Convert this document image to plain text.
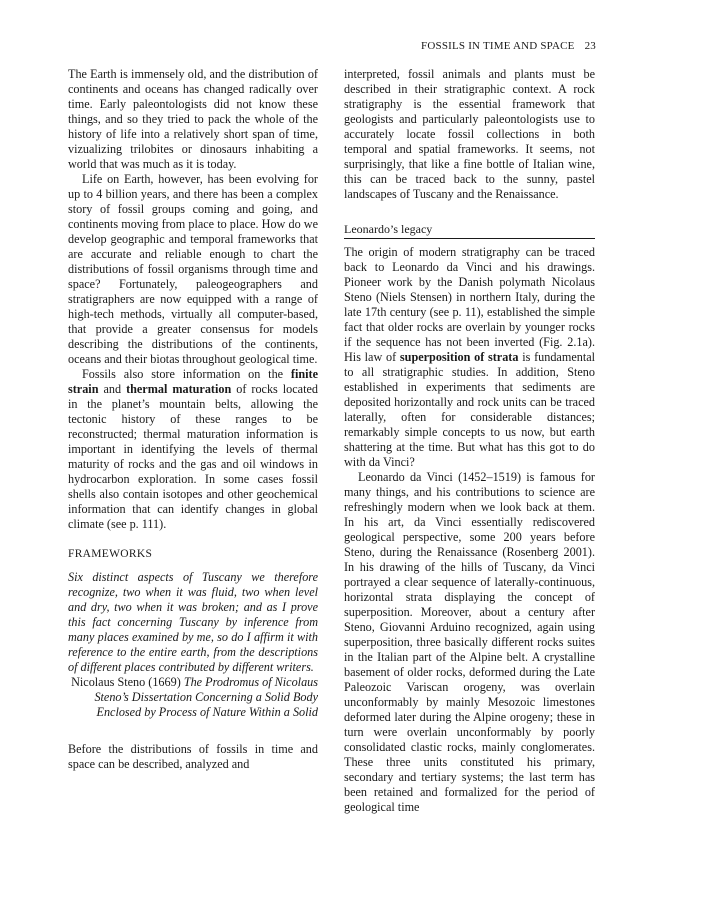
FOSSILS IN TIME AND SPACE 23

The Earth is immensely old, and the distribution of continents and oceans has changed radically over time. Early paleontologists did not know these things, and so they tried to pack the whole of the history of life into a relatively short span of time, vizualizing trilobites or dinosaurs inhabiting a world that was much as it is today.

Life on Earth, however, has been evolving for up to 4 billion years, and there has been a complex story of fossil groups coming and going, and continents moving from place to place. How do we develop geographic and temporal frameworks that are accurate and reliable enough to chart the distributions of fossil organisms through time and space? Fortunately, paleogeographers and stratigraphers are now equipped with a range of high-tech methods, virtually all computer-based, that provide a greater consensus for models describing the distributions of the continents, oceans and their biotas throughout geological time.

Fossils also store information on the finite strain and thermal maturation of rocks located in the planet’s mountain belts, allowing the tectonic history of these ranges to be reconstructed; thermal maturation information is important in identifying the levels of thermal maturity of rocks and the gas and oil windows in hydrocarbon exploration. In some cases fossil shells also contain isotopes and other geochemical information that can identify changes in global climate (see p. 111).

FRAMEWORKS

Six distinct aspects of Tuscany we therefore recognize, two when it was fluid, two when level and dry, two when it was broken; and as I prove this fact concerning Tuscany by inference from many places examined by me, so do I affirm it with reference to the entire earth, from the descriptions of different places contributed by different writers.

Nicolaus Steno (1669) The Prodromus of Nicolaus Steno’s Dissertation Concerning a Solid Body Enclosed by Process of Nature Within a Solid

Before the distributions of fossils in time and space can be described, analyzed and

interpreted, fossil animals and plants must be described in their stratigraphic context. A rock stratigraphy is the essential framework that geologists and particularly paleontologists use to accurately locate fossil collections in both temporal and spatial frameworks. It seems, not surprisingly, that like a fine bottle of Italian wine, this can be traced back to the sunny, pastel landscapes of Tuscany and the Renaissance.

Leonardo’s legacy

The origin of modern stratigraphy can be traced back to Leonardo da Vinci and his drawings. Pioneer work by the Danish polymath Nicolaus Steno (Niels Stensen) in northern Italy, during the late 17th century (see p. 11), established the simple fact that older rocks are overlain by younger rocks if the sequence has not been inverted (Fig. 2.1a). His law of superposition of strata is fundamental to all stratigraphic studies. In addition, Steno established in experiments that sediments are deposited horizontally and rock units can be traced laterally, often for considerable distances; remarkably simple concepts to us now, but earth shattering at the time. But what has this got to do with da Vinci?

Leonardo da Vinci (1452–1519) is famous for many things, and his contributions to science are refreshingly modern when we look back at them. In his art, da Vinci essentially rediscovered geological perspective, some 200 years before Steno, during the Renaissance (Rosenberg 2001). In his drawing of the hills of Tuscany, da Vinci portrayed a clear sequence of laterally-continuous, horizontal strata displaying the concept of superposition. Moreover, about a century after Steno, Giovanni Arduino recognized, again using superposition, three basically different rocks suites in the Italian part of the Alpine belt. A crystalline basement of older rocks, deformed during the Late Paleozoic Variscan orogeny, was overlain unconformably by mainly Mesozoic limestones deformed later during the Alpine orogeny; these in turn were overlain unconformably by poorly consolidated clastic rocks, mainly conglomerates. These three units constituted his primary, secondary and tertiary systems; the last term has been retained and formalized for the period of geological time
